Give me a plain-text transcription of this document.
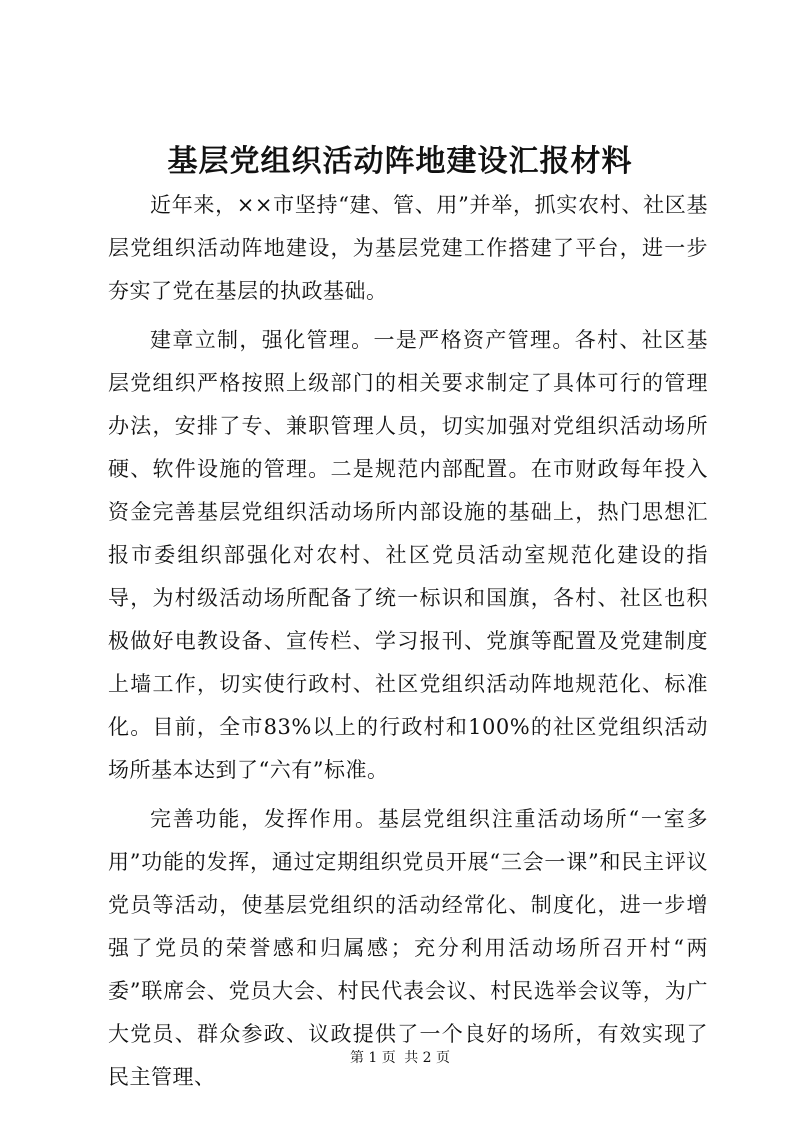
基层党组织活动阵地建设汇报材料

近年来，××市坚持“建、管、用”并举，抓实农村、社区基层党组织活动阵地建设，为基层党建工作搭建了平台，进一步夯实了党在基层的执政基础。

建章立制，强化管理。一是严格资产管理。各村、社区基层党组织严格按照上级部门的相关要求制定了具体可行的管理办法，安排了专、兼职管理人员，切实加强对党组织活动场所硬、软件设施的管理。二是规范内部配置。在市财政每年投入资金完善基层党组织活动场所内部设施的基础上，热门思想汇报市委组织部强化对农村、社区党员活动室规范化建设的指导，为村级活动场所配备了统一标识和国旗，各村、社区也积极做好电教设备、宣传栏、学习报刊、党旗等配置及党建制度上墙工作，切实使行政村、社区党组织活动阵地规范化、标准化。目前，全市83%以上的行政村和100%的社区党组织活动场所基本达到了“六有”标准。

完善功能，发挥作用。基层党组织注重活动场所“一室多用”功能的发挥，通过定期组织党员开展“三会一课”和民主评议党员等活动，使基层党组织的活动经常化、制度化，进一步增强了党员的荣誉感和归属感；充分利用活动场所召开村“两委”联席会、党员大会、村民代表会议、村民选举会议等，为广大党员、群众参政、议政提供了一个良好的场所，有效实现了民主管理、

第 1 页 共 2 页
